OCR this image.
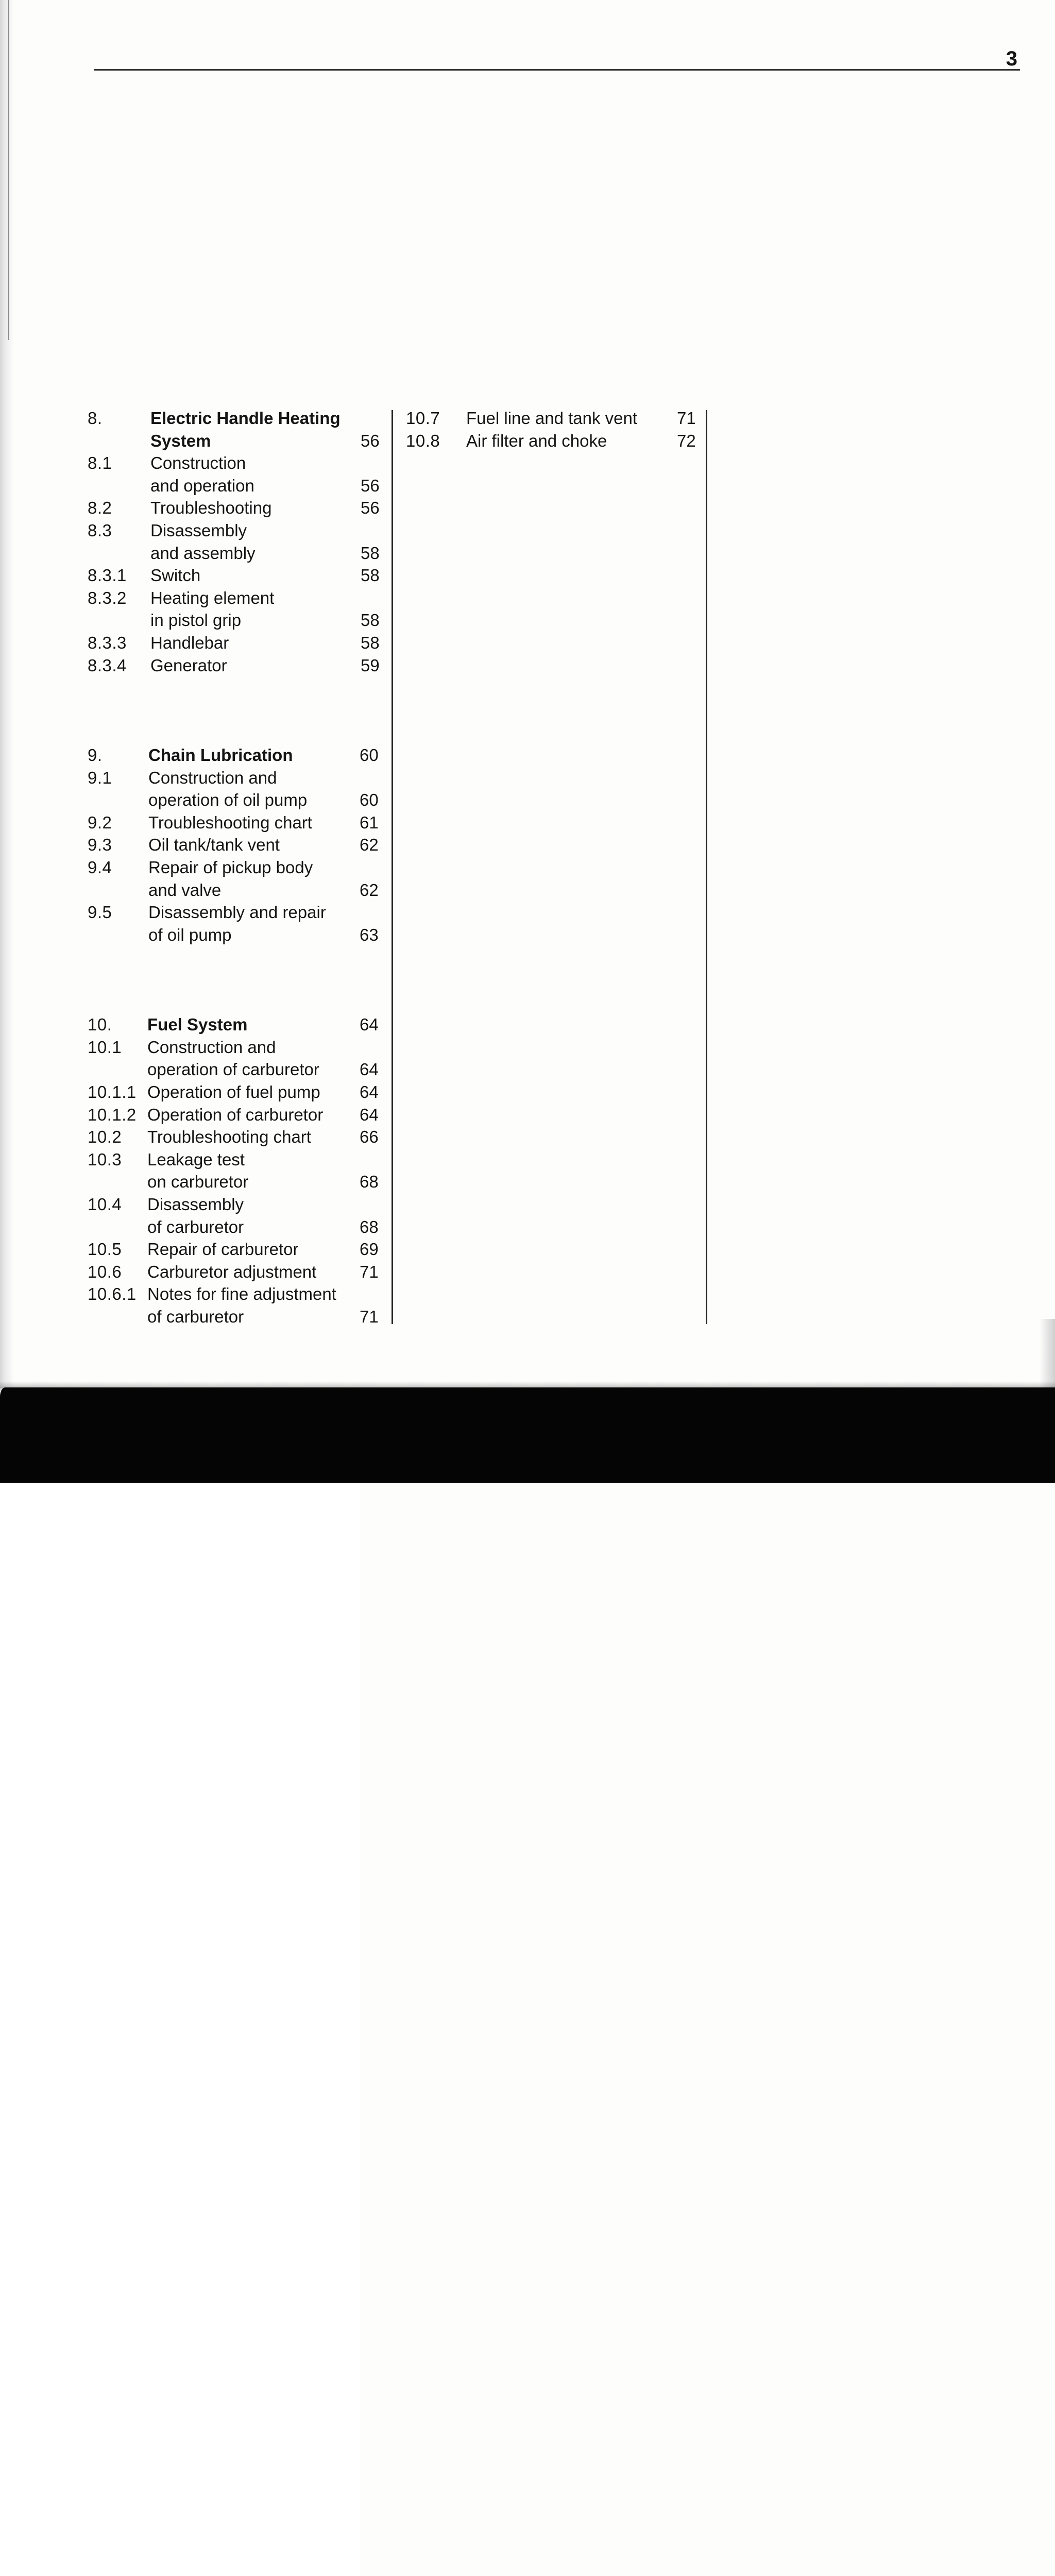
3
8.	Electric Handle Heating
System	56
8.1 Construction
and operation	56
8.2 Troubleshooting	56
8.3 Disassembly
and assembly	58
8.3.1 Switch	58
8.3.2 Heating element
in pistol grip	58
8.3.3 Handlebar	58
8.3.4 Generator	59
9.	Chain Lubrication	60
9.1 Construction and
operation of oil pump	60
9.2 Troubleshooting chart	61
9.3 Oil tank/tank vent	62
9.4 Repair of pickup body
and valve	62
9.5 Disassembly and repair
of oil pump	63
10. Fuel System	64
10.1 Construction and
operation of carburetor 64
10.1.1 Operation of fuel pump 64
10.1.2 Operation of carburetor 64
10.2 Troubleshooting chart	66
10.3 Leakage test
on carburetor	68
10.4 Disassembly
of carburetor	68
10.5 Repair of carburetor	69
10.6 Carburetor adjustment	71
10.6.1 Notes for fine adjustment
of carburetor	71
10.7 Fuel line and tank vent 71
10.8 Air filter and choke	72
